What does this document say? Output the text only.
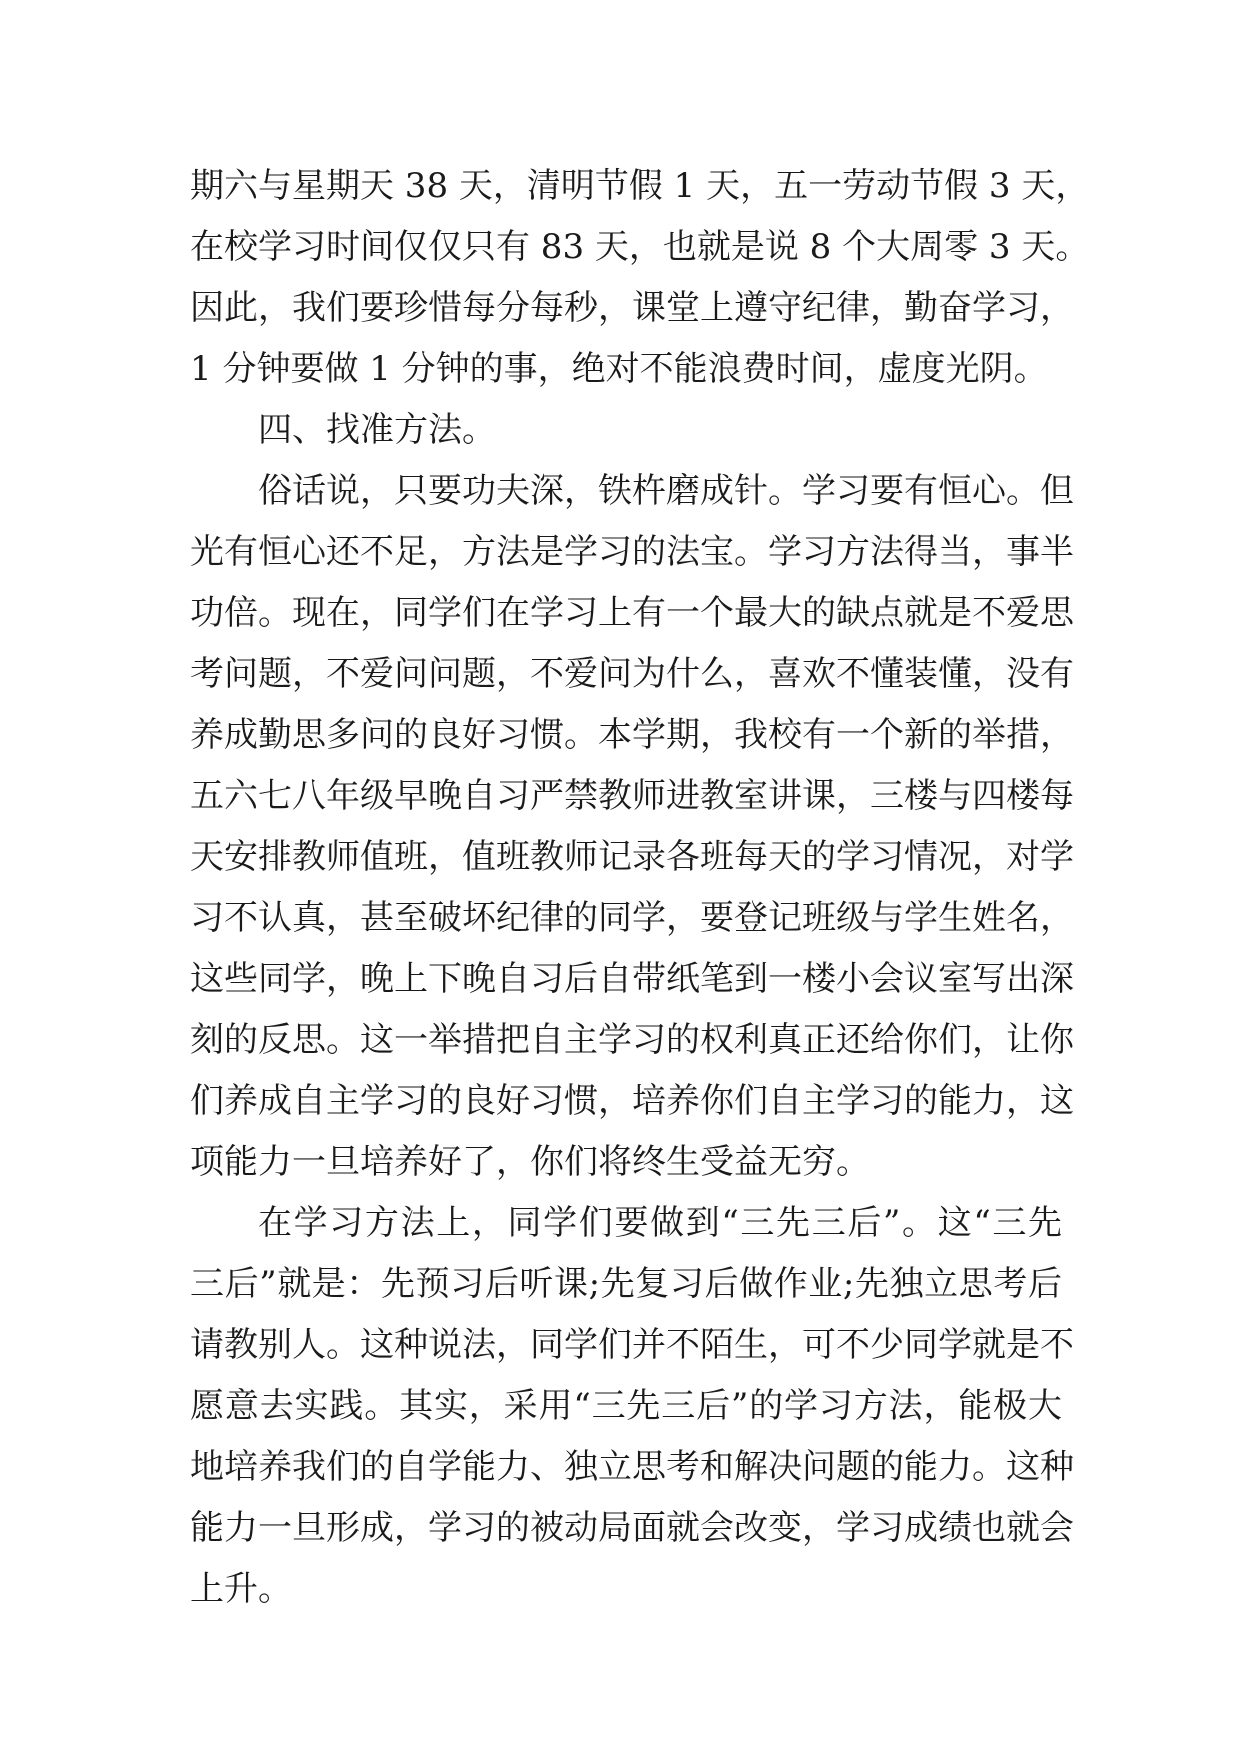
期六与星期天 38 天，清明节假 1 天，五一劳动节假 3 天，
在校学习时间仅仅只有 83 天，也就是说 8 个大周零 3 天。
因此，我们要珍惜每分每秒，课堂上遵守纪律，勤奋学习，
1 分钟要做 1 分钟的事，绝对不能浪费时间，虚度光阴。
四、找准方法。
俗话说，只要功夫深，铁杵磨成针。学习要有恒心。但
光有恒心还不足，方法是学习的法宝。学习方法得当，事半
功倍。现在，同学们在学习上有一个最大的缺点就是不爱思
考问题，不爱问问题，不爱问为什么，喜欢不懂装懂，没有
养成勤思多问的良好习惯。本学期，我校有一个新的举措，
五六七八年级早晚自习严禁教师进教室讲课，三楼与四楼每
天安排教师值班，值班教师记录各班每天的学习情况，对学
习不认真，甚至破坏纪律的同学，要登记班级与学生姓名，
这些同学，晚上下晚自习后自带纸笔到一楼小会议室写出深
刻的反思。这一举措把自主学习的权利真正还给你们，让你
们养成自主学习的良好习惯，培养你们自主学习的能力，这
项能力一旦培养好了，你们将终生受益无穷。
在学习方法上，同学们要做到“三先三后”。这“三先
三后”就是：先预习后听课;先复习后做作业;先独立思考后
请教别人。这种说法，同学们并不陌生，可不少同学就是不
愿意去实践。其实，采用“三先三后”的学习方法，能极大
地培养我们的自学能力、独立思考和解决问题的能力。这种
能力一旦形成，学习的被动局面就会改变，学习成绩也就会
上升。
